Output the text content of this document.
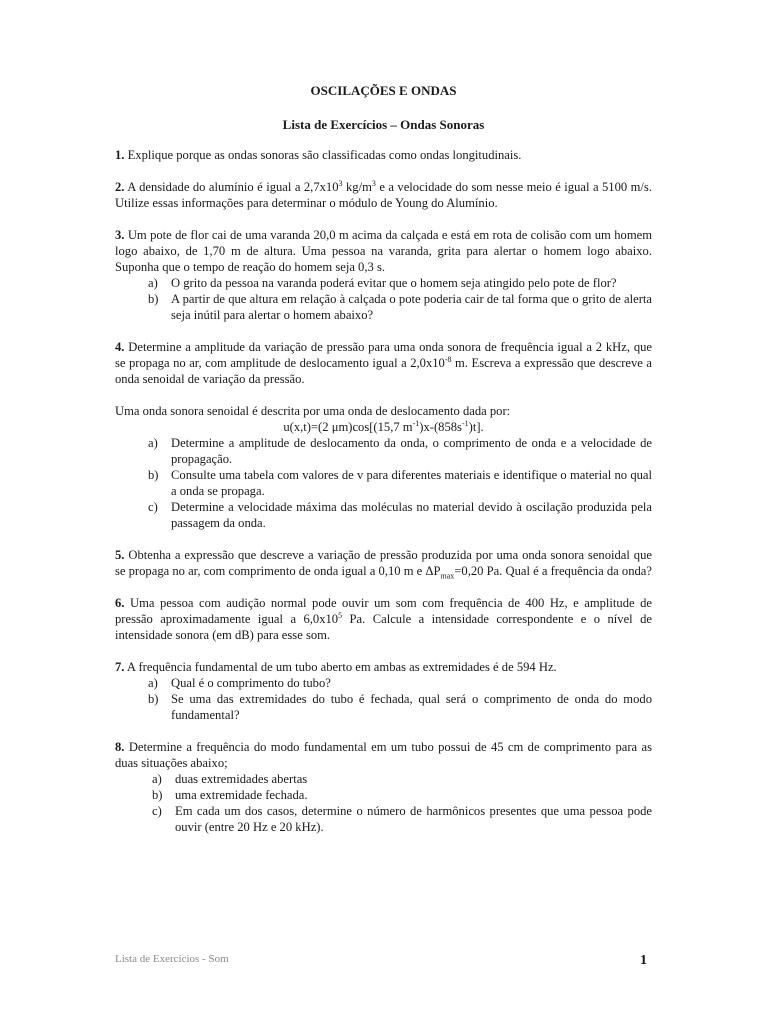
OSCILAÇÕES E ONDAS

Lista de Exercícios – Ondas Sonoras

1. Explique porque as ondas sonoras são classificadas como ondas longitudinais.

2. A densidade do alumínio é igual a $2,7x10^3$ $kg/m^3$ e a velocidade do som nesse meio é igual a 5100 m/s. Utilize essas informações para determinar o módulo de Young do Alumínio.

3. Um pote de flor cai de uma varanda 20,0 m acima da calçada e está em rota de colisão com um homem logo abaixo, de 1,70 m de altura. Uma pessoa na varanda, grita para alertar o homem logo abaixo. Suponha que o tempo de reação do homem seja 0,3 s.

a) O grito da pessoa na varanda poderá evitar que o homem seja atingido pelo pote de flor?
b) A partir de que altura em relação à calçada o pote poderia cair de tal forma que o grito de alerta seja inútil para alertar o homem abaixo?

4. Determine a amplitude da variação de pressão para uma onda sonora de frequência igual a 2 kHz, que se propaga no ar, com amplitude de deslocamento igual a $2,0x10^{-8}$ m. Escreva a expressão que descreve a onda senoidal de variação da pressão.

Uma onda sonora senoidal é descrita por uma onda de deslocamento dada por:

u(x,t)=(2 μm)cos[(15,7 $m^{-1})x-(858s^{-1})t$].

a) Determine a amplitude de deslocamento da onda, o comprimento de onda e a velocidade de propagação.
b) Consulte uma tabela com valores de v para diferentes materiais e identifique o material no qual a onda se propaga.
c) Determine a velocidade máxima das moléculas no material devido à oscilação produzida pela passagem da onda.

5. Obtenha a expressão que descreve a variação de pressão produzida por uma onda sonora senoidal que se propaga no ar, com comprimento de onda igual a 0,10 m e $\Delta P_{max}=0,20$ Pa. Qual é a frequência da onda?

6. Uma pessoa com audição normal pode ouvir um som com frequência de 400 Hz, e amplitude de pressão aproximadamente igual a $6,0x10^5$ Pa. Calcule a intensidade correspondente e o nível de intensidade sonora (em dB) para esse som.

7. A frequência fundamental de um tubo aberto em ambas as extremidades é de 594 Hz.

a) Qual é o comprimento do tubo?
b) Se uma das extremidades do tubo é fechada, qual será o comprimento de onda do modo fundamental?

8. Determine a frequência do modo fundamental em um tubo possui de 45 cm de comprimento para as duas situações abaixo;

a) duas extremidades abertas
b) uma extremidade fechada.
c) Em cada um dos casos, determine o número de harmônicos presentes que uma pessoa pode ouvir (entre 20 Hz e 20 kHz).
Lista de Exercícios - Som	1
